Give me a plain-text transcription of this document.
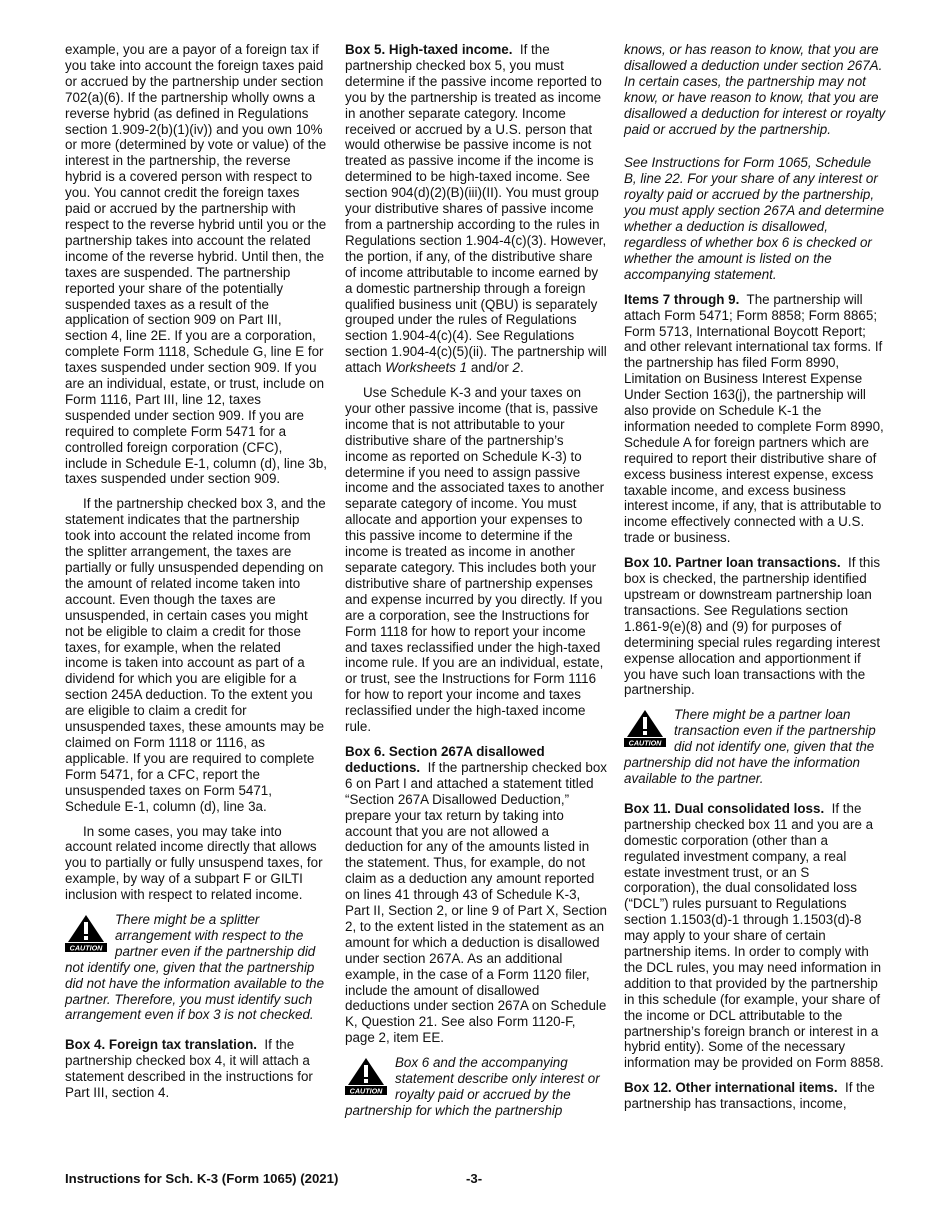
example, you are a payor of a foreign tax if you take into account the foreign taxes paid or accrued by the partnership under section 702(a)(6). If the partnership wholly owns a reverse hybrid (as defined in Regulations section 1.909-2(b)(1)(iv)) and you own 10% or more (determined by vote or value) of the interest in the partnership, the reverse hybrid is a covered person with respect to you. You cannot credit the foreign taxes paid or accrued by the partnership with respect to the reverse hybrid until you or the partnership takes into account the related income of the reverse hybrid. Until then, the taxes are suspended. The partnership reported your share of the potentially suspended taxes as a result of the application of section 909 on Part III, section 4, line 2E. If you are a corporation, complete Form 1118, Schedule G, line E for taxes suspended under section 909. If you are an individual, estate, or trust, include on Form 1116, Part III, line 12, taxes suspended under section 909. If you are required to complete Form 5471 for a controlled foreign corporation (CFC), include in Schedule E-1, column (d), line 3b, taxes suspended under section 909.

If the partnership checked box 3, and the statement indicates that the partnership took into account the related income from the splitter arrangement, the taxes are partially or fully unsuspended depending on the amount of related income taken into account. Even though the taxes are unsuspended, in certain cases you might not be eligible to claim a credit for those taxes, for example, when the related income is taken into account as part of a dividend for which you are eligible for a section 245A deduction. To the extent you are eligible to claim a credit for unsuspended taxes, these amounts may be claimed on Form 1118 or 1116, as applicable. If you are required to complete Form 5471, for a CFC, report the unsuspended taxes on Form 5471, Schedule E-1, column (d), line 3a.

In some cases, you may take into account related income directly that allows you to partially or fully unsuspend taxes, for example, by way of a subpart F or GILTI inclusion with respect to related income.

CAUTION
There might be a splitter arrangement with respect to the partner even if the partnership did not identify one, given that the partnership did not have the information available to the partner. Therefore, you must identify such arrangement even if box 3 is not checked.

Box 4. Foreign tax translation. If the partnership checked box 4, it will attach a statement described in the instructions for Part III, section 4.

Box 5. High-taxed income. If the partnership checked box 5, you must determine if the passive income reported to you by the partnership is treated as income in another separate category. Income received or accrued by a U.S. person that would otherwise be passive income is not treated as passive income if the income is determined to be high-taxed income. See section 904(d)(2)(B)(iii)(II). You must group your distributive shares of passive income from a partnership according to the rules in Regulations section 1.904-4(c)(3). However, the portion, if any, of the distributive share of income attributable to income earned by a domestic partnership through a foreign qualified business unit (QBU) is separately grouped under the rules of Regulations section 1.904-4(c)(4). See Regulations section 1.904-4(c)(5)(ii). The partnership will attach Worksheets 1 and/or 2.

Use Schedule K-3 and your taxes on your other passive income (that is, passive income that is not attributable to your distributive share of the partnership’s income as reported on Schedule K-3) to determine if you need to assign passive income and the associated taxes to another separate category of income. You must allocate and apportion your expenses to this passive income to determine if the income is treated as income in another separate category. This includes both your distributive share of partnership expenses and expense incurred by you directly. If you are a corporation, see the Instructions for Form 1118 for how to report your income and taxes reclassified under the high-taxed income rule. If you are an individual, estate, or trust, see the Instructions for Form 1116 for how to report your income and taxes reclassified under the high-taxed income rule.

Box 6. Section 267A disallowed deductions. If the partnership checked box 6 on Part I and attached a statement titled “Section 267A Disallowed Deduction,” prepare your tax return by taking into account that you are not allowed a deduction for any of the amounts listed in the statement. Thus, for example, do not claim as a deduction any amount reported on lines 41 through 43 of Schedule K-3, Part II, Section 2, or line 9 of Part X, Section 2, to the extent listed in the statement as an amount for which a deduction is disallowed under section 267A. As an additional example, in the case of a Form 1120 filer, include the amount of disallowed deductions under section 267A on Schedule K, Question 21. See also Form 1120-F, page 2, item EE.

CAUTION
Box 6 and the accompanying statement describe only interest or royalty paid or accrued by the partnership for which the partnership

knows, or has reason to know, that you are disallowed a deduction under section 267A. In certain cases, the partnership may not know, or have reason to know, that you are disallowed a deduction for interest or royalty paid or accrued by the partnership.

See Instructions for Form 1065, Schedule B, line 22. For your share of any interest or royalty paid or accrued by the partnership, you must apply section 267A and determine whether a deduction is disallowed, regardless of whether box 6 is checked or whether the amount is listed on the accompanying statement.

Items 7 through 9. The partnership will attach Form 5471; Form 8858; Form 8865; Form 5713, International Boycott Report; and other relevant international tax forms. If the partnership has filed Form 8990, Limitation on Business Interest Expense Under Section 163(j), the partnership will also provide on Schedule K-1 the information needed to complete Form 8990, Schedule A for foreign partners which are required to report their distributive share of excess business interest expense, excess taxable income, and excess business interest income, if any, that is attributable to income effectively connected with a U.S. trade or business.

Box 10. Partner loan transactions. If this box is checked, the partnership identified upstream or downstream partnership loan transactions. See Regulations section 1.861-9(e)(8) and (9) for purposes of determining special rules regarding interest expense allocation and apportionment if you have such loan transactions with the partnership.

CAUTION
There might be a partner loan transaction even if the partnership did not identify one, given that the partnership did not have the information available to the partner.

Box 11. Dual consolidated loss. If the partnership checked box 11 and you are a domestic corporation (other than a regulated investment company, a real estate investment trust, or an S corporation), the dual consolidated loss (“DCL”) rules pursuant to Regulations section 1.1503(d)-1 through 1.1503(d)-8 may apply to your share of certain partnership items. In order to comply with the DCL rules, you may need information in addition to that provided by the partnership in this schedule (for example, your share of the income or DCL attributable to the partnership’s foreign branch or interest in a hybrid entity). Some of the necessary information may be provided on Form 8858.

Box 12. Other international items. If the partnership has transactions, income,

Instructions for Sch. K-3 (Form 1065) (2021)	-3-
